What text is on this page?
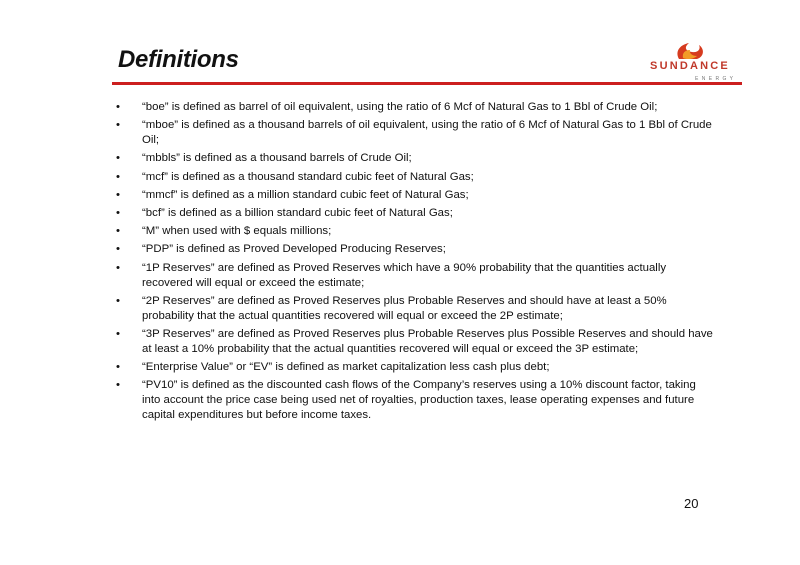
Definitions	SUNDANCE
E N E R G Y
• “boe” is defined as barrel of oil equivalent, using the ratio of 6 Mcf of Natural Gas to 1 Bbl of Crude Oil;
• “mboe” is defined as a thousand barrels of oil equivalent, using the ratio of 6 Mcf of Natural Gas to 1 Bbl of Crude Oil;
• “mbbls” is defined as a thousand barrels of Crude Oil;
• “mcf” is defined as a thousand standard cubic feet of Natural Gas;
• “mmcf” is defined as a million standard cubic feet of Natural Gas;
• “bcf” is defined as a billion standard cubic feet of Natural Gas;
• “M” when used with $ equals millions;
• “PDP” is defined as Proved Developed Producing Reserves;
• “1P Reserves” are defined as Proved Reserves which have a 90% probability that the quantities actually recovered will equal or exceed the estimate;
• “2P Reserves” are defined as Proved Reserves plus Probable Reserves and should have at least a 50% probability that the actual quantities recovered will equal or exceed the 2P estimate;
• “3P Reserves” are defined as Proved Reserves plus Probable Reserves plus Possible Reserves and should have at least a 10% probability that the actual quantities recovered will equal or exceed the 3P estimate;
• “Enterprise Value” or “EV” is defined as market capitalization less cash plus debt;
• “PV10” is defined as the discounted cash flows of the Company’s reserves using a 10% discount factor, taking into account the price case being used net of royalties, production taxes, lease operating expenses and future capital expenditures but before income taxes.
20
